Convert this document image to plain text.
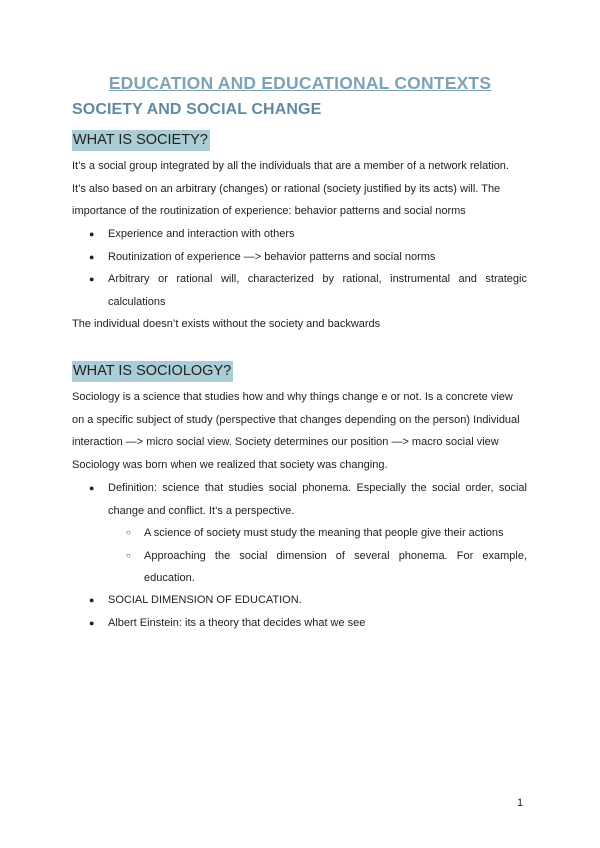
EDUCATION AND EDUCATIONAL CONTEXTS
SOCIETY AND SOCIAL CHANGE
WHAT IS SOCIETY?

It’s a social group integrated by all the individuals that are a member of a network relation.
It’s also based on an arbitrary (changes) or rational (society justified by its acts) will. The
importance of the routinization of experience: behavior patterns and social norms

● Experience and interaction with others
● Routinization of experience —> behavior patterns and social norms
● Arbitrary or rational will, characterized by rational, instrumental and strategic calculations

The individual doesn’t exists without the society and backwards

WHAT IS SOCIOLOGY?

Sociology is a science that studies how and why things change e or not. Is a concrete view
on a specific subject of study (perspective that changes depending on the person) Individual
interaction —> micro social view. Society determines our position —> macro social view
Sociology was born when we realized that society was changing.

● Definition: science that studies social phonema. Especially the social order, social change and conflict. It’s a perspective.
○ A science of society must study the meaning that people give their actions
○ Approaching the social dimension of several phonema. For example, education.
● SOCIAL DIMENSION OF EDUCATION.
● Albert Einstein: its a theory that decides what we see

1
